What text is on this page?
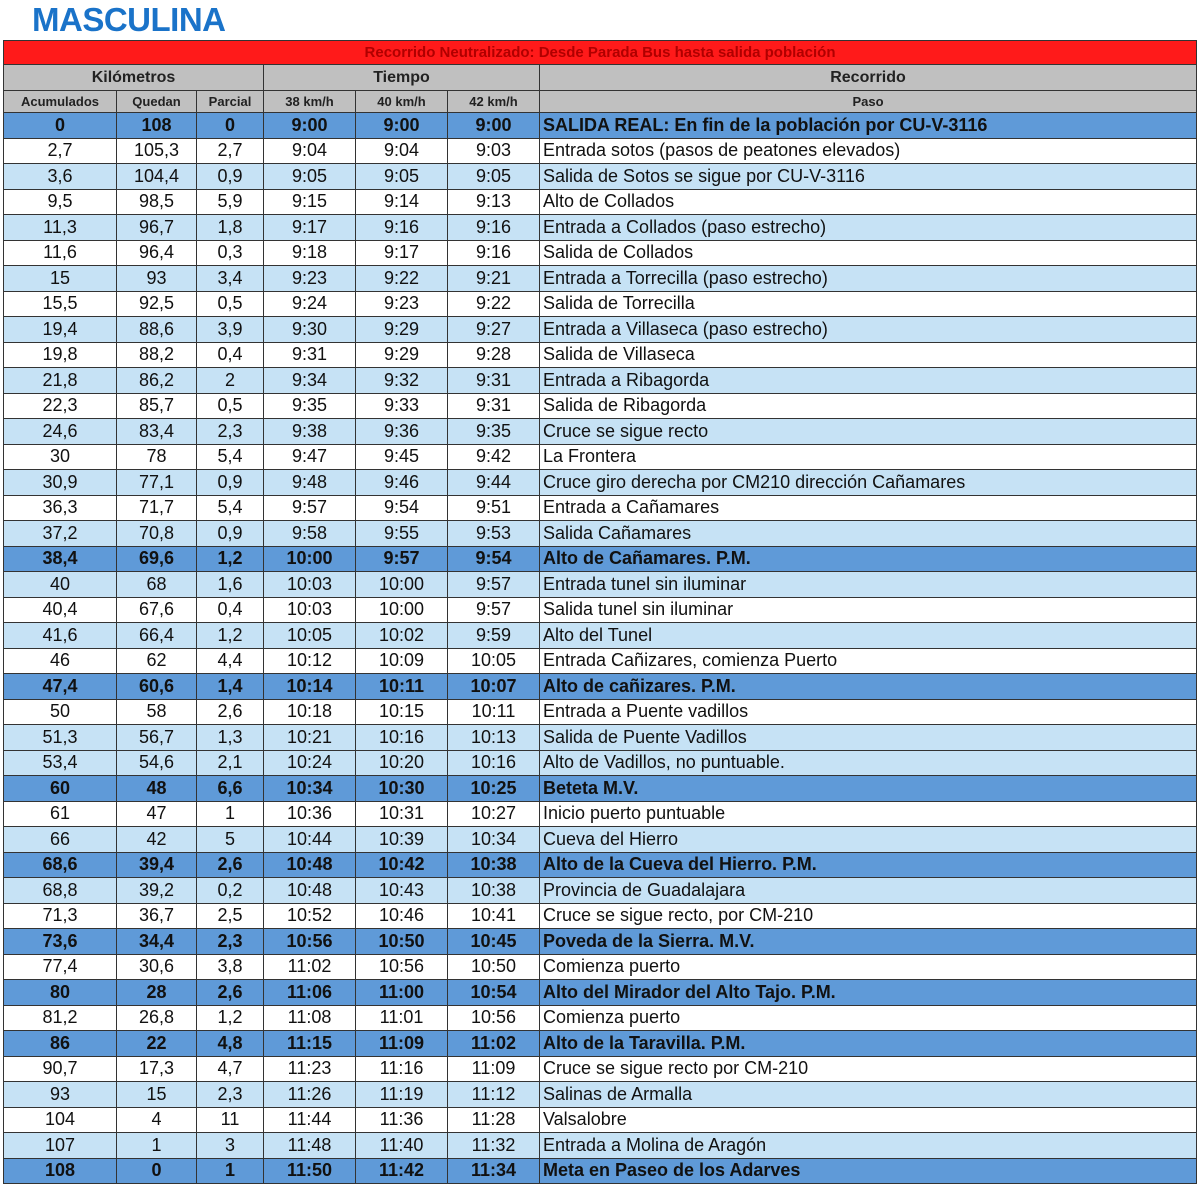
MASCULINA
Recorrido Neutralizado: Desde Parada Bus hasta salida población						
Kilómetros			Tiempo			Recorrido
Acumulados	Quedan	Parcial	38 km/h	40 km/h	42 km/h	Paso
0	108	0	9:00	9:00	9:00	SALIDA REAL: En fin de la población por CU-V-3116
2,7	105,3	2,7	9:04	9:04	9:03	Entrada sotos (pasos de peatones elevados)
3,6	104,4	0,9	9:05	9:05	9:05	Salida de Sotos se sigue por CU-V-3116
9,5	98,5	5,9	9:15	9:14	9:13	Alto de Collados
11,3	96,7	1,8	9:17	9:16	9:16	Entrada a Collados (paso estrecho)
11,6	96,4	0,3	9:18	9:17	9:16	Salida de Collados
15	93	3,4	9:23	9:22	9:21	Entrada a Torrecilla (paso estrecho)
15,5	92,5	0,5	9:24	9:23	9:22	Salida de Torrecilla
19,4	88,6	3,9	9:30	9:29	9:27	Entrada a Villaseca (paso estrecho)
19,8	88,2	0,4	9:31	9:29	9:28	Salida de Villaseca
21,8	86,2	2	9:34	9:32	9:31	Entrada a Ribagorda
22,3	85,7	0,5	9:35	9:33	9:31	Salida de Ribagorda
24,6	83,4	2,3	9:38	9:36	9:35	Cruce se sigue recto
30	78	5,4	9:47	9:45	9:42	La Frontera
30,9	77,1	0,9	9:48	9:46	9:44	Cruce giro derecha por CM210 dirección Cañamares
36,3	71,7	5,4	9:57	9:54	9:51	Entrada a Cañamares
37,2	70,8	0,9	9:58	9:55	9:53	Salida Cañamares
38,4	69,6	1,2	10:00	9:57	9:54	Alto de Cañamares. P.M.
40	68	1,6	10:03	10:00	9:57	Entrada tunel sin iluminar
40,4	67,6	0,4	10:03	10:00	9:57	Salida tunel sin iluminar
41,6	66,4	1,2	10:05	10:02	9:59	Alto del Tunel
46	62	4,4	10:12	10:09	10:05	Entrada Cañizares, comienza Puerto
47,4	60,6	1,4	10:14	10:11	10:07	Alto de cañizares. P.M.
50	58	2,6	10:18	10:15	10:11	Entrada a Puente vadillos
51,3	56,7	1,3	10:21	10:16	10:13	Salida de Puente Vadillos
53,4	54,6	2,1	10:24	10:20	10:16	Alto de Vadillos, no puntuable.
60	48	6,6	10:34	10:30	10:25	Beteta M.V.
61	47	1	10:36	10:31	10:27	Inicio puerto puntuable
66	42	5	10:44	10:39	10:34	Cueva del Hierro
68,6	39,4	2,6	10:48	10:42	10:38	Alto de la Cueva del Hierro. P.M.
68,8	39,2	0,2	10:48	10:43	10:38	Provincia de Guadalajara
71,3	36,7	2,5	10:52	10:46	10:41	Cruce se sigue recto, por CM-210
73,6	34,4	2,3	10:56	10:50	10:45	Poveda de la Sierra. M.V.
77,4	30,6	3,8	11:02	10:56	10:50	Comienza puerto
80	28	2,6	11:06	11:00	10:54	Alto del Mirador del Alto Tajo. P.M.
81,2	26,8	1,2	11:08	11:01	10:56	Comienza puerto
86	22	4,8	11:15	11:09	11:02	Alto de la Taravilla. P.M.
90,7	17,3	4,7	11:23	11:16	11:09	Cruce se sigue recto por CM-210
93	15	2,3	11:26	11:19	11:12	Salinas de Armalla
104	4	11	11:44	11:36	11:28	Valsalobre
107	1	3	11:48	11:40	11:32	Entrada a Molina de Aragón
108	0	1	11:50	11:42	11:34	Meta en Paseo de los Adarves
